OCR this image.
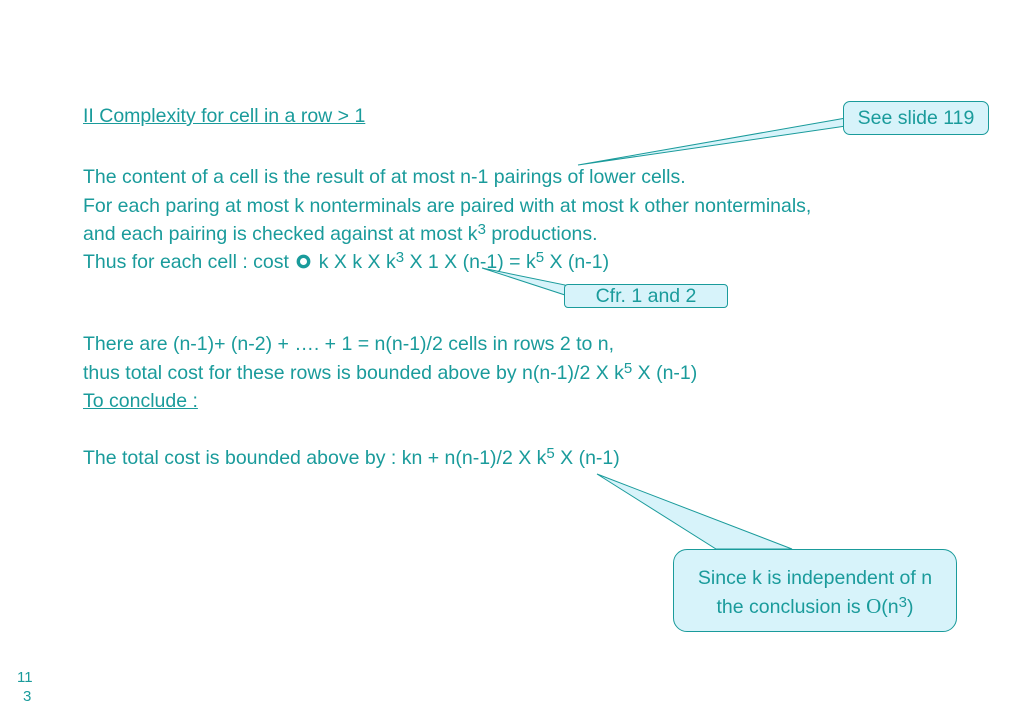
II Complexity for cell in a row > 1
The content of a cell is the result of at most n-1 pairings of lower cells.
For each paring at most k nonterminals are paired with at most k other nonterminals,
and each pairing is checked against at most $k^3$ productions.
Thus for each cell : cost  k X k X $k^3$ X 1 X $(n-1) = k^5$ X (n-1)
There are (n-1)+ (n-2) + …. + 1 = n(n-1)/2 cells in rows 2 to n,
thus total cost for these rows is bounded above by n(n-1)/2 X $k^5$ X (n-1)
To conclude :
The total cost is bounded above by : kn + n(n-1)/2 X $k^5$ X (n-1)
See slide 119
Cfr. 1 and 2
Since k is independent of n
the conclusion is $O(n^3)$
11
3
